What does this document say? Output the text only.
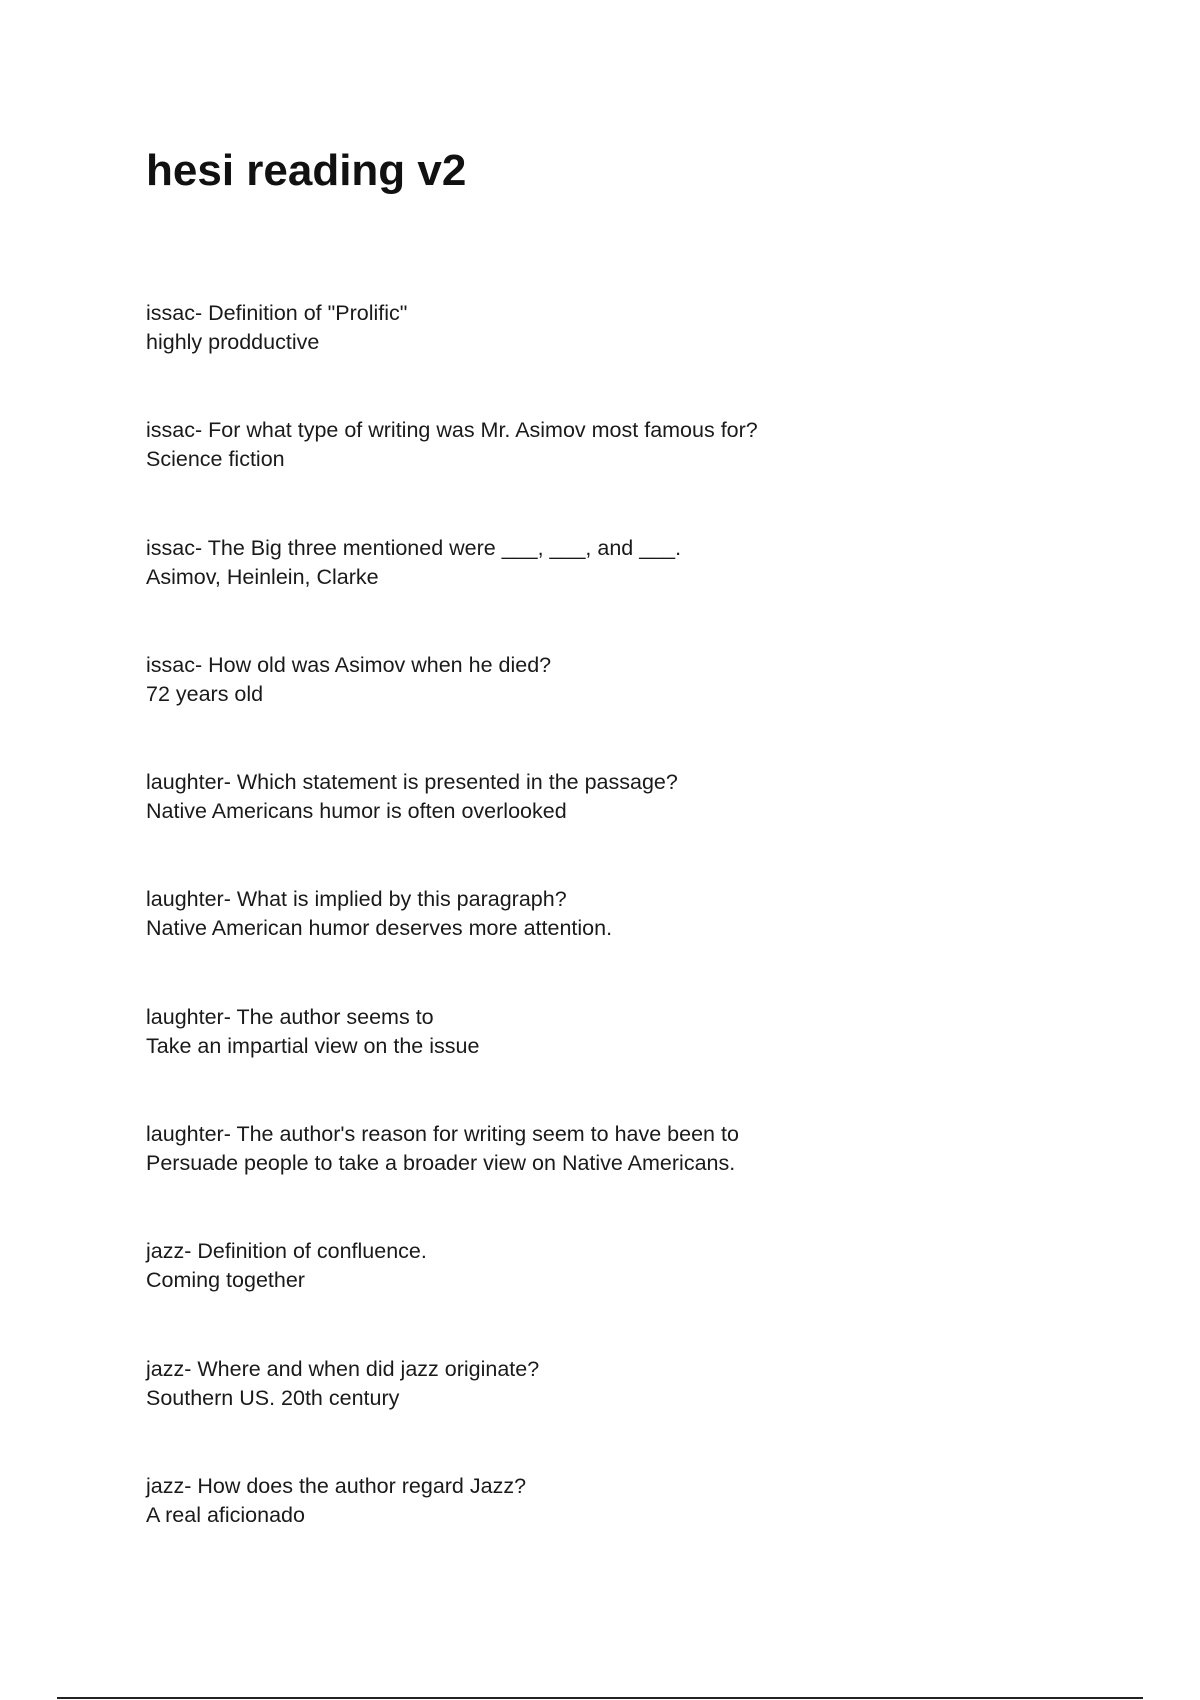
hesi reading v2
issac- Definition of "Prolific"
highly prodductive
issac- For what type of writing was Mr. Asimov most famous for?
Science fiction
issac- The Big three mentioned were ___, ___, and ___.
Asimov, Heinlein, Clarke
issac- How old was Asimov when he died?
72 years old
laughter- Which statement is presented in the passage?
Native Americans humor is often overlooked
laughter- What is implied by this paragraph?
Native American humor deserves more attention.
laughter- The author seems to
Take an impartial view on the issue
laughter- The author's reason for writing seem to have been to
Persuade people to take a broader view on Native Americans.
jazz- Definition of confluence.
Coming together
jazz- Where and when did jazz originate?
Southern US. 20th century
jazz- How does the author regard Jazz?
A real aficionado
